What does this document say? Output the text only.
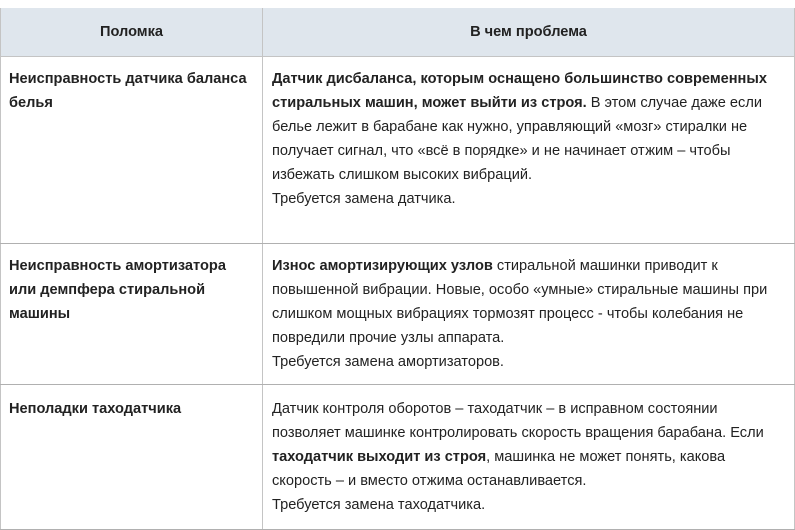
Поломка	В чем проблема
Неисправность датчика баланса белья	Датчик дисбаланса, которым оснащено большинство современных стиральных машин, может выйти из строя. В этом случае даже если белье лежит в барабане как нужно, управляющий «мозг» стиралки не получает сигнал, что «всё в порядке» и не начинает отжим – чтобы избежать слишком высоких вибраций.
Требуется замена датчика.

Неисправность амортизатора или демпфера стиральной машины	Износ амортизирующих узлов стиральной машинки приводит к повышенной вибрации. Новые, особо «умные» стиральные машины при слишком мощных вибрациях тормозят процесс - чтобы колебания не повредили прочие узлы аппарата.
Требуется замена амортизаторов.

Неполадки таходатчика	Датчик контроля оборотов – таходатчик – в исправном состоянии позволяет машинке контролировать скорость вращения барабана. Если таходатчик выходит из строя, машинка не может понять, какова скорость – и вместо отжима останавливается.
Требуется замена таходатчика.
